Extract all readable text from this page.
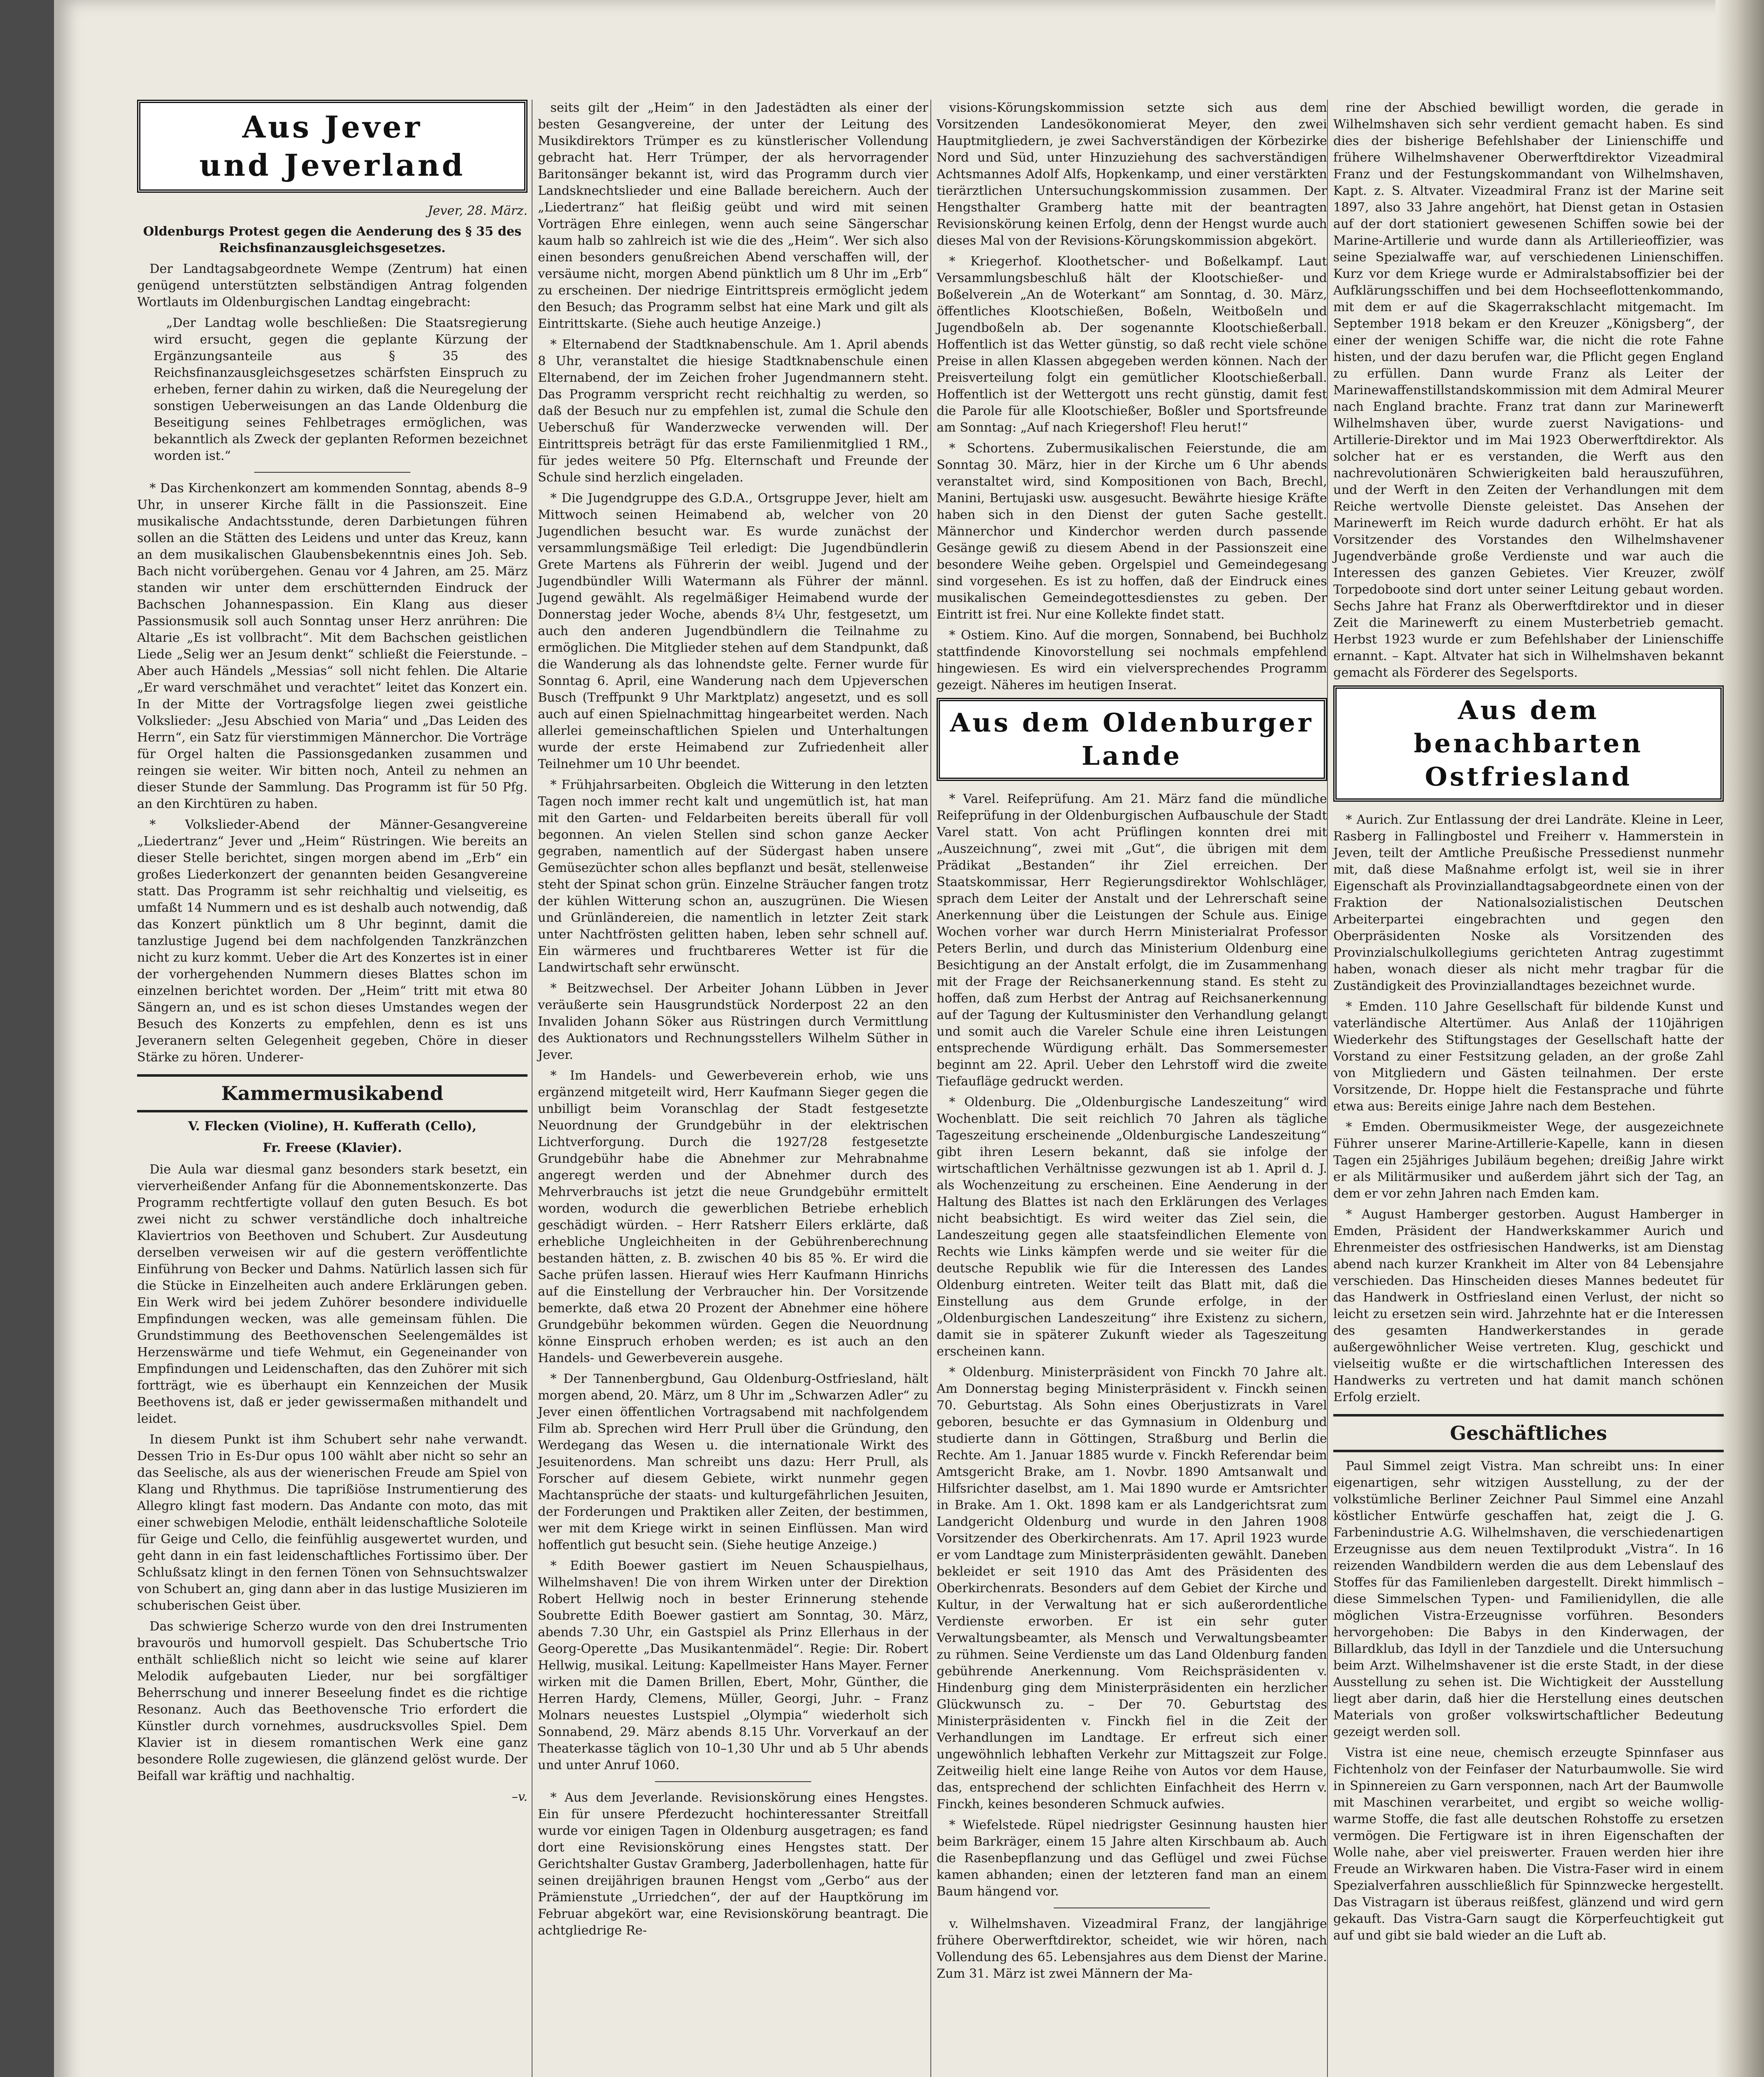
Aus Jever
und Jeverland
Jever, 28. März.

Oldenburgs Protest gegen die Aenderung des § 35 des Reichsfinanzausgleichsgesetzes.

Der Landtagsabgeordnete Wempe (Zentrum) hat einen genügend unterstützten selbständigen Antrag folgenden Wortlauts im Oldenburgischen Landtag eingebracht:

„Der Landtag wolle beschließen: Die Staatsregierung wird ersucht, gegen die geplante Kürzung der Ergänzungsanteile aus § 35 des Reichsfinanzausgleichsgesetzes schärfsten Einspruch zu erheben, ferner dahin zu wirken, daß die Neuregelung der sonstigen Ueberweisungen an das Lande Oldenburg die Beseitigung seines Fehlbetrages ermöglichen, was bekanntlich als Zweck der geplanten Reformen bezeichnet worden ist.“

* Das Kirchenkonzert am kommenden Sonntag, abends 8–9 Uhr, in unserer Kirche fällt in die Passionszeit. Eine musikalische Andachtsstunde, deren Darbietungen führen sollen an die Stätten des Leidens und unter das Kreuz, kann an dem musikalischen Glaubensbekenntnis eines Joh. Seb. Bach nicht vorübergehen. Genau vor 4 Jahren, am 25. März standen wir unter dem erschütternden Eindruck der Bachschen Johannespassion. Ein Klang aus dieser Passionsmusik soll auch Sonntag unser Herz anrühren: Die Altarie „Es ist vollbracht“. Mit dem Bachschen geistlichen Liede „Selig wer an Jesum denkt“ schließt die Feierstunde. – Aber auch Händels „Messias“ soll nicht fehlen. Die Altarie „Er ward verschmähet und verachtet“ leitet das Konzert ein. In der Mitte der Vortragsfolge liegen zwei geistliche Volkslieder: „Jesu Abschied von Maria“ und „Das Leiden des Herrn“, ein Satz für vierstimmigen Männerchor. Die Vorträge für Orgel halten die Passionsgedanken zusammen und reingen sie weiter. Wir bitten noch, Anteil zu nehmen an dieser Stunde der Sammlung. Das Programm ist für 50 Pfg. an den Kirchtüren zu haben.

* Volkslieder-Abend der Männer-Gesangvereine „Liedertranz“ Jever und „Heim“ Rüstringen. Wie bereits an dieser Stelle berichtet, singen morgen abend im „Erb“ ein großes Liederkonzert der genannten beiden Gesangvereine statt. Das Programm ist sehr reichhaltig und vielseitig, es umfaßt 14 Nummern und es ist deshalb auch notwendig, daß das Konzert pünktlich um 8 Uhr beginnt, damit die tanzlustige Jugend bei dem nachfolgenden Tanzkränzchen nicht zu kurz kommt. Ueber die Art des Konzertes ist in einer der vorhergehenden Nummern dieses Blattes schon im einzelnen berichtet worden. Der „Heim“ tritt mit etwa 80 Sängern an, und es ist schon dieses Umstandes wegen der Besuch des Konzerts zu empfehlen, denn es ist uns Jeveranern selten Gelegenheit gegeben, Chöre in dieser Stärke zu hören. Underer-

Kammermusikabend
V. Flecken (Violine), H. Kufferath (Cello),
Fr. Freese (Klavier).

Die Aula war diesmal ganz besonders stark besetzt, ein vierverheißender Anfang für die Abonnementskonzerte. Das Programm rechtfertigte vollauf den guten Besuch. Es bot zwei nicht zu schwer verständliche doch inhaltreiche Klaviertrios von Beethoven und Schubert. Zur Ausdeutung derselben verweisen wir auf die gestern veröffentlichte Einführung von Becker und Dahms. Natürlich lassen sich für die Stücke in Einzelheiten auch andere Erklärungen geben. Ein Werk wird bei jedem Zuhörer besondere individuelle Empfindungen wecken, was alle gemeinsam fühlen. Die Grundstimmung des Beethovenschen Seelengemäldes ist Herzenswärme und tiefe Wehmut, ein Gegeneinander von Empfindungen und Leidenschaften, das den Zuhörer mit sich fortträgt, wie es überhaupt ein Kennzeichen der Musik Beethovens ist, daß er jeder gewissermaßen mithandelt und leidet.

In diesem Punkt ist ihm Schubert sehr nahe verwandt. Dessen Trio in Es-Dur opus 100 wählt aber nicht so sehr an das Seelische, als aus der wienerischen Freude am Spiel von Klang und Rhythmus. Die taprißiöse Instrumentierung des Allegro klingt fast modern. Das Andante con moto, das mit einer schwebigen Melodie, enthält leidenschaftliche Soloteile für Geige und Cello, die feinfühlig ausgewertet wurden, und geht dann in ein fast leidenschaftliches Fortissimo über. Der Schlußsatz klingt in den fernen Tönen von Sehnsuchtswalzer von Schubert an, ging dann aber in das lustige Musizieren im schuberischen Geist über.

Das schwierige Scherzo wurde von den drei Instrumenten bravourös und humorvoll gespielt. Das Schubertsche Trio enthält schließlich nicht so leicht wie seine auf klarer Melodik aufgebauten Lieder, nur bei sorgfältiger Beherrschung und innerer Beseelung findet es die richtige Resonanz. Auch das Beethovensche Trio erfordert die Künstler durch vornehmes, ausdrucksvolles Spiel. Dem Klavier ist in diesem romantischen Werk eine ganz besondere Rolle zugewiesen, die glänzend gelöst wurde. Der Beifall war kräftig und nachhaltig.

–v.

seits gilt der „Heim“ in den Jadestädten als einer der besten Gesangvereine, der unter der Leitung des Musikdirektors Trümper es zu künstlerischer Vollendung gebracht hat. Herr Trümper, der als hervorragender Baritonsänger bekannt ist, wird das Programm durch vier Landsknechtslieder und eine Ballade bereichern. Auch der „Liedertranz“ hat fleißig geübt und wird mit seinen Vorträgen Ehre einlegen, wenn auch seine Sängerschar kaum halb so zahlreich ist wie die des „Heim“. Wer sich also einen besonders genußreichen Abend verschaffen will, der versäume nicht, morgen Abend pünktlich um 8 Uhr im „Erb“ zu erscheinen. Der niedrige Eintrittspreis ermöglicht jedem den Besuch; das Programm selbst hat eine Mark und gilt als Eintrittskarte. (Siehe auch heutige Anzeige.)

* Elternabend der Stadtknabenschule. Am 1. April abends 8 Uhr, veranstaltet die hiesige Stadtknabenschule einen Elternabend, der im Zeichen froher Jugendmannern steht. Das Programm verspricht recht reichhaltig zu werden, so daß der Besuch nur zu empfehlen ist, zumal die Schule den Ueberschuß für Wanderzwecke verwenden will. Der Eintrittspreis beträgt für das erste Familienmitglied 1 RM., für jedes weitere 50 Pfg. Elternschaft und Freunde der Schule sind herzlich eingeladen.

* Die Jugendgruppe des G.D.A., Ortsgruppe Jever, hielt am Mittwoch seinen Heimabend ab, welcher von 20 Jugendlichen besucht war. Es wurde zunächst der versammlungsmäßige Teil erledigt: Die Jugendbündlerin Grete Martens als Führerin der weibl. Jugend und der Jugendbündler Willi Watermann als Führer der männl. Jugend gewählt. Als regelmäßiger Heimabend wurde der Donnerstag jeder Woche, abends 8¼ Uhr, festgesetzt, um auch den anderen Jugendbündlern die Teilnahme zu ermöglichen. Die Mitglieder stehen auf dem Standpunkt, daß die Wanderung als das lohnendste gelte. Ferner wurde für Sonntag 6. April, eine Wanderung nach dem Upjeverschen Busch (Treffpunkt 9 Uhr Marktplatz) angesetzt, und es soll auch auf einen Spielnachmittag hingearbeitet werden. Nach allerlei gemeinschaftlichen Spielen und Unterhaltungen wurde der erste Heimabend zur Zufriedenheit aller Teilnehmer um 10 Uhr beendet.

* Frühjahrsarbeiten. Obgleich die Witterung in den letzten Tagen noch immer recht kalt und ungemütlich ist, hat man mit den Garten- und Feldarbeiten bereits überall für voll begonnen. An vielen Stellen sind schon ganze Aecker gegraben, namentlich auf der Südergast haben unsere Gemüsezüchter schon alles bepflanzt und besät, stellenweise steht der Spinat schon grün. Einzelne Sträucher fangen trotz der kühlen Witterung schon an, auszugrünen. Die Wiesen und Grünländereien, die namentlich in letzter Zeit stark unter Nachtfrösten gelitten haben, leben sehr schnell auf. Ein wärmeres und fruchtbareres Wetter ist für die Landwirtschaft sehr erwünscht.

* Beitzwechsel. Der Arbeiter Johann Lübben in Jever veräußerte sein Hausgrundstück Norderpost 22 an den Invaliden Johann Söker aus Rüstringen durch Vermittlung des Auktionators und Rechnungsstellers Wilhelm Süther in Jever.

* Im Handels- und Gewerbeverein erhob, wie uns ergänzend mitgeteilt wird, Herr Kaufmann Sieger gegen die unbilligt beim Voranschlag der Stadt festgesetzte Neuordnung der Grundgebühr in der elektrischen Lichtverforgung. Durch die 1927/28 festgesetzte Grundgebühr habe die Abnehmer zur Mehrabnahme angeregt werden und der Abnehmer durch des Mehrverbrauchs ist jetzt die neue Grundgebühr ermittelt worden, wodurch die gewerblichen Betriebe erheblich geschädigt würden. – Herr Ratsherr Eilers erklärte, daß erhebliche Ungleichheiten in der Gebührenberechnung bestanden hätten, z. B. zwischen 40 bis 85 %. Er wird die Sache prüfen lassen. Hierauf wies Herr Kaufmann Hinrichs auf die Einstellung der Verbraucher hin. Der Vorsitzende bemerkte, daß etwa 20 Prozent der Abnehmer eine höhere Grundgebühr bekommen würden. Gegen die Neuordnung könne Einspruch erhoben werden; es ist auch an den Handels- und Gewerbeverein ausgehe.

* Der Tannenbergbund, Gau Oldenburg-Ostfriesland, hält morgen abend, 20. März, um 8 Uhr im „Schwarzen Adler“ zu Jever einen öffentlichen Vortragsabend mit nachfolgendem Film ab. Sprechen wird Herr Prull über die Gründung, den Werdegang das Wesen u. die internationale Wirkt des Jesuitenordens. Man schreibt uns dazu: Herr Prull, als Forscher auf diesem Gebiete, wirkt nunmehr gegen Machtansprüche der staats- und kulturgefährlichen Jesuiten, der Forderungen und Praktiken aller Zeiten, der bestimmen, wer mit dem Kriege wirkt in seinen Einflüssen. Man wird hoffentlich gut besucht sein. (Siehe heutige Anzeige.)

* Edith Boewer gastiert im Neuen Schauspielhaus, Wilhelmshaven! Die von ihrem Wirken unter der Direktion Robert Hellwig noch in bester Erinnerung stehende Soubrette Edith Boewer gastiert am Sonntag, 30. März, abends 7.30 Uhr, ein Gastspiel als Prinz Ellerhaus in der Georg-Operette „Das Musikantenmädel“. Regie: Dir. Robert Hellwig, musikal. Leitung: Kapellmeister Hans Mayer. Ferner wirken mit die Damen Brillen, Ebert, Mohr, Günther, die Herren Hardy, Clemens, Müller, Georgi, Juhr. – Franz Molnars neuestes Lustspiel „Olympia“ wiederholt sich Sonnabend, 29. März abends 8.15 Uhr. Vorverkauf an der Theaterkasse täglich von 10–1,30 Uhr und ab 5 Uhr abends und unter Anruf 1060.

* Aus dem Jeverlande. Revisionskörung eines Hengstes. Ein für unsere Pferdezucht hochinteressanter Streitfall wurde vor einigen Tagen in Oldenburg ausgetragen; es fand dort eine Revisionskörung eines Hengstes statt. Der Gerichtshalter Gustav Gramberg, Jaderbollenhagen, hatte für seinen dreijährigen braunen Hengst vom „Gerbo“ aus der Prämienstute „Urriedchen“, der auf der Hauptkörung im Februar abgekört war, eine Revisionskörung beantragt. Die achtgliedrige Re-

visions-Körungskommission setzte sich aus dem Vorsitzenden Landesökonomierat Meyer, den zwei Hauptmitgliedern, je zwei Sachverständigen der Körbezirke Nord und Süd, unter Hinzuziehung des sachverständigen Achtsmannes Adolf Alfs, Hopkenkamp, und einer verstärkten tierärztlichen Untersuchungskommission zusammen. Der Hengsthalter Gramberg hatte mit der beantragten Revisionskörung keinen Erfolg, denn der Hengst wurde auch dieses Mal von der Revisions-Körungskommission abgekört.

* Kriegerhof. Kloothetscher- und Boßelkampf. Laut Versammlungsbeschluß hält der Klootschießer- und Boßelverein „An de Woterkant“ am Sonntag, d. 30. März, öffentliches Klootschießen, Boßeln, Weitboßeln und Jugendboßeln ab. Der sogenannte Klootschießerball. Hoffentlich ist das Wetter günstig, so daß recht viele schöne Preise in allen Klassen abgegeben werden können. Nach der Preisverteilung folgt ein gemütlicher Klootschießerball. Hoffentlich ist der Wettergott uns recht günstig, damit fest die Parole für alle Klootschießer, Boßler und Sportsfreunde am Sonntag: „Auf nach Kriegershof! Fleu herut!“

* Schortens. Zubermusikalischen Feierstunde, die am Sonntag 30. März, hier in der Kirche um 6 Uhr abends veranstaltet wird, sind Kompositionen von Bach, Brechl, Manini, Bertujaski usw. ausgesucht. Bewährte hiesige Kräfte haben sich in den Dienst der guten Sache gestellt. Männerchor und Kinderchor werden durch passende Gesänge gewiß zu diesem Abend in der Passionszeit eine besondere Weihe geben. Orgelspiel und Gemeindegesang sind vorgesehen. Es ist zu hoffen, daß der Eindruck eines musikalischen Gemeindegottesdienstes zu geben. Der Eintritt ist frei. Nur eine Kollekte findet statt.

* Ostiem. Kino. Auf die morgen, Sonnabend, bei Buchholz stattfindende Kinovorstellung sei nochmals empfehlend hingewiesen. Es wird ein vielversprechendes Programm gezeigt. Näheres im heutigen Inserat.

Aus dem Oldenburger
Lande

* Varel. Reifeprüfung. Am 21. März fand die mündliche Reifeprüfung in der Oldenburgischen Aufbauschule der Stadt Varel statt. Von acht Prüflingen konnten drei mit „Auszeichnung“, zwei mit „Gut“, die übrigen mit dem Prädikat „Bestanden“ ihr Ziel erreichen. Der Staatskommissar, Herr Regierungsdirektor Wohlschläger, sprach dem Leiter der Anstalt und der Lehrerschaft seine Anerkennung über die Leistungen der Schule aus. Einige Wochen vorher war durch Herrn Ministerialrat Professor Peters Berlin, und durch das Ministerium Oldenburg eine Besichtigung an der Anstalt erfolgt, die im Zusammenhang mit der Frage der Reichsanerkennung stand. Es steht zu hoffen, daß zum Herbst der Antrag auf Reichsanerkennung auf der Tagung der Kultusminister den Verhandlung gelangt und somit auch die Vareler Schule eine ihren Leistungen entsprechende Würdigung erhält. Das Sommersemester beginnt am 22. April. Ueber den Lehrstoff wird die zweite Tiefaufläge gedruckt werden.

* Oldenburg. Die „Oldenburgische Landeszeitung“ wird Wochenblatt. Die seit reichlich 70 Jahren als tägliche Tageszeitung erscheinende „Oldenburgische Landeszeitung“ gibt ihren Lesern bekannt, daß sie infolge der wirtschaftlichen Verhältnisse gezwungen ist ab 1. April d. J. als Wochenzeitung zu erscheinen. Eine Aenderung in der Haltung des Blattes ist nach den Erklärungen des Verlages nicht beabsichtigt. Es wird weiter das Ziel sein, die Landeszeitung gegen alle staatsfeindlichen Elemente von Rechts wie Links kämpfen werde und sie weiter für die deutsche Republik wie für die Interessen des Landes Oldenburg eintreten. Weiter teilt das Blatt mit, daß die Einstellung aus dem Grunde erfolge, in der „Oldenburgischen Landeszeitung“ ihre Existenz zu sichern, damit sie in späterer Zukunft wieder als Tageszeitung erscheinen kann.

* Oldenburg. Ministerpräsident von Finckh 70 Jahre alt. Am Donnerstag beging Ministerpräsident v. Finckh seinen 70. Geburtstag. Als Sohn eines Oberjustizrats in Varel geboren, besuchte er das Gymnasium in Oldenburg und studierte dann in Göttingen, Straßburg und Berlin die Rechte. Am 1. Januar 1885 wurde v. Finckh Referendar beim Amtsgericht Brake, am 1. Novbr. 1890 Amtsanwalt und Hilfsrichter daselbst, am 1. Mai 1890 wurde er Amtsrichter in Brake. Am 1. Okt. 1898 kam er als Landgerichtsrat zum Landgericht Oldenburg und wurde in den Jahren 1908 Vorsitzender des Oberkirchenrats. Am 17. April 1923 wurde er vom Landtage zum Ministerpräsidenten gewählt. Daneben bekleidet er seit 1910 das Amt des Präsidenten des Oberkirchenrats. Besonders auf dem Gebiet der Kirche und Kultur, in der Verwaltung hat er sich außerordentliche Verdienste erworben. Er ist ein sehr guter Verwaltungsbeamter, als Mensch und Verwaltungsbeamter zu rühmen. Seine Verdienste um das Land Oldenburg fanden gebührende Anerkennung. Vom Reichspräsidenten v. Hindenburg ging dem Ministerpräsidenten ein herzlicher Glückwunsch zu. – Der 70. Geburtstag des Ministerpräsidenten v. Finckh fiel in die Zeit der Verhandlungen im Landtage. Er erfreut sich einer ungewöhnlich lebhaften Verkehr zur Mittagszeit zur Folge. Zeitweilig hielt eine lange Reihe von Autos vor dem Hause, das, entsprechend der schlichten Einfachheit des Herrn v. Finckh, keines besonderen Schmuck aufwies.

* Wiefelstede. Rüpel niedrigster Gesinnung hausten hier beim Barkräger, einem 15 Jahre alten Kirschbaum ab. Auch die Rasenbepflanzung und das Geflügel und zwei Füchse kamen abhanden; einen der letzteren fand man an einem Baum hängend vor.

v. Wilhelmshaven. Vizeadmiral Franz, der langjährige frühere Oberwerftdirektor, scheidet, wie wir hören, nach Vollendung des 65. Lebensjahres aus dem Dienst der Marine. Zum 31. März ist zwei Männern der Ma-

rine der Abschied bewilligt worden, die gerade in Wilhelmshaven sich sehr verdient gemacht haben. Es sind dies der bisherige Befehlshaber der Linienschiffe und frühere Wilhelmshavener Oberwerftdirektor Vizeadmiral Franz und der Festungskommandant von Wilhelmshaven, Kapt. z. S. Altvater. Vizeadmiral Franz ist der Marine seit 1897, also 33 Jahre angehört, hat Dienst getan in Ostasien auf der dort stationiert gewesenen Schiffen sowie bei der Marine-Artillerie und wurde dann als Artillerieoffizier, was seine Spezialwaffe war, auf verschiedenen Linienschiffen. Kurz vor dem Kriege wurde er Admiralstabsoffizier bei der Aufklärungsschiffen und bei dem Hochseeflottenkommando, mit dem er auf die Skagerrakschlacht mitgemacht. Im September 1918 bekam er den Kreuzer „Königsberg“, der einer der wenigen Schiffe war, die nicht die rote Fahne histen, und der dazu berufen war, die Pflicht gegen England zu erfüllen. Dann wurde Franz als Leiter der Marinewaffenstillstandskommission mit dem Admiral Meurer nach England brachte. Franz trat dann zur Marinewerft Wilhelmshaven über, wurde zuerst Navigations- und Artillerie-Direktor und im Mai 1923 Oberwerftdirektor. Als solcher hat er es verstanden, die Werft aus den nachrevolutionären Schwierigkeiten bald herauszuführen, und der Werft in den Zeiten der Verhandlungen mit dem Reiche wertvolle Dienste geleistet. Das Ansehen der Marinewerft im Reich wurde dadurch erhöht. Er hat als Vorsitzender des Vorstandes den Wilhelmshavener Jugendverbände große Verdienste und war auch die Interessen des ganzen Gebietes. Vier Kreuzer, zwölf Torpedoboote sind dort unter seiner Leitung gebaut worden. Sechs Jahre hat Franz als Oberwerftdirektor und in dieser Zeit die Marinewerft zu einem Musterbetrieb gemacht. Herbst 1923 wurde er zum Befehlshaber der Linienschiffe ernannt. – Kapt. Altvater hat sich in Wilhelmshaven bekannt gemacht als Förderer des Segelsports.

Aus dem benachbarten
Ostfriesland

* Aurich. Zur Entlassung der drei Landräte. Kleine in Leer, Rasberg in Fallingbostel und Freiherr v. Hammerstein in Jeven, teilt der Amtliche Preußische Pressedienst nunmehr mit, daß diese Maßnahme erfolgt ist, weil sie in ihrer Eigenschaft als Provinziallandtagsabgeordnete einen von der Fraktion der Nationalsozialistischen Deutschen Arbeiterpartei eingebrachten und gegen den Oberpräsidenten Noske als Vorsitzenden des Provinzialschulkollegiums gerichteten Antrag zugestimmt haben, wonach dieser als nicht mehr tragbar für die Zuständigkeit des Provinziallandtages bezeichnet wurde.

* Emden. 110 Jahre Gesellschaft für bildende Kunst und vaterländische Altertümer. Aus Anlaß der 110jährigen Wiederkehr des Stiftungstages der Gesellschaft hatte der Vorstand zu einer Festsitzung geladen, an der große Zahl von Mitgliedern und Gästen teilnahmen. Der erste Vorsitzende, Dr. Hoppe hielt die Festansprache und führte etwa aus: Bereits einige Jahre nach dem Bestehen.

* Emden. Obermusikmeister Wege, der ausgezeichnete Führer unserer Marine-Artillerie-Kapelle, kann in diesen Tagen ein 25jähriges Jubiläum begehen; dreißig Jahre wirkt er als Militärmusiker und außerdem jährt sich der Tag, an dem er vor zehn Jahren nach Emden kam.

* August Hamberger gestorben. August Hamberger in Emden, Präsident der Handwerkskammer Aurich und Ehrenmeister des ostfriesischen Handwerks, ist am Dienstag abend nach kurzer Krankheit im Alter von 84 Lebensjahre verschieden. Das Hinscheiden dieses Mannes bedeutet für das Handwerk in Ostfriesland einen Verlust, der nicht so leicht zu ersetzen sein wird. Jahrzehnte hat er die Interessen des gesamten Handwerkerstandes in gerade außergewöhnlicher Weise vertreten. Klug, geschickt und vielseitig wußte er die wirtschaftlichen Interessen des Handwerks zu vertreten und hat damit manch schönen Erfolg erzielt.

Geschäftliches

Paul Simmel zeigt Vistra. Man schreibt uns: In einer eigenartigen, sehr witzigen Ausstellung, zu der der volkstümliche Berliner Zeichner Paul Simmel eine Anzahl köstlicher Entwürfe geschaffen hat, zeigt die J. G. Farbenindustrie A.G. Wilhelmshaven, die verschiedenartigen Erzeugnisse aus dem neuen Textilprodukt „Vistra“. In 16 reizenden Wandbildern werden die aus dem Lebenslauf des Stoffes für das Familienleben dargestellt. Direkt himmlisch – diese Simmelschen Typen- und Familienidyllen, die alle möglichen Vistra-Erzeugnisse vorführen. Besonders hervorgehoben: Die Babys in den Kinderwagen, der Billardklub, das Idyll in der Tanzdiele und die Untersuchung beim Arzt. Wilhelmshavener ist die erste Stadt, in der diese Ausstellung zu sehen ist. Die Wichtigkeit der Ausstellung liegt aber darin, daß hier die Herstellung eines deutschen Materials von großer volkswirtschaftlicher Bedeutung gezeigt werden soll.

Vistra ist eine neue, chemisch erzeugte Spinnfaser aus Fichtenholz von der Feinfaser der Naturbaumwolle. Sie wird in Spinnereien zu Garn versponnen, nach Art der Baumwolle mit Maschinen verarbeitet, und ergibt so weiche wollig-warme Stoffe, die fast alle deutschen Rohstoffe zu ersetzen vermögen. Die Fertigware ist in ihren Eigenschaften der Wolle nahe, aber viel preiswerter. Frauen werden hier ihre Freude an Wirkwaren haben. Die Vistra-Faser wird in einem Spezialverfahren ausschließlich für Spinnzwecke hergestellt. Das Vistragarn ist überaus reißfest, glänzend und wird gern gekauft. Das Vistra-Garn saugt die Körperfeuchtigkeit gut auf und gibt sie bald wieder an die Luft ab.
